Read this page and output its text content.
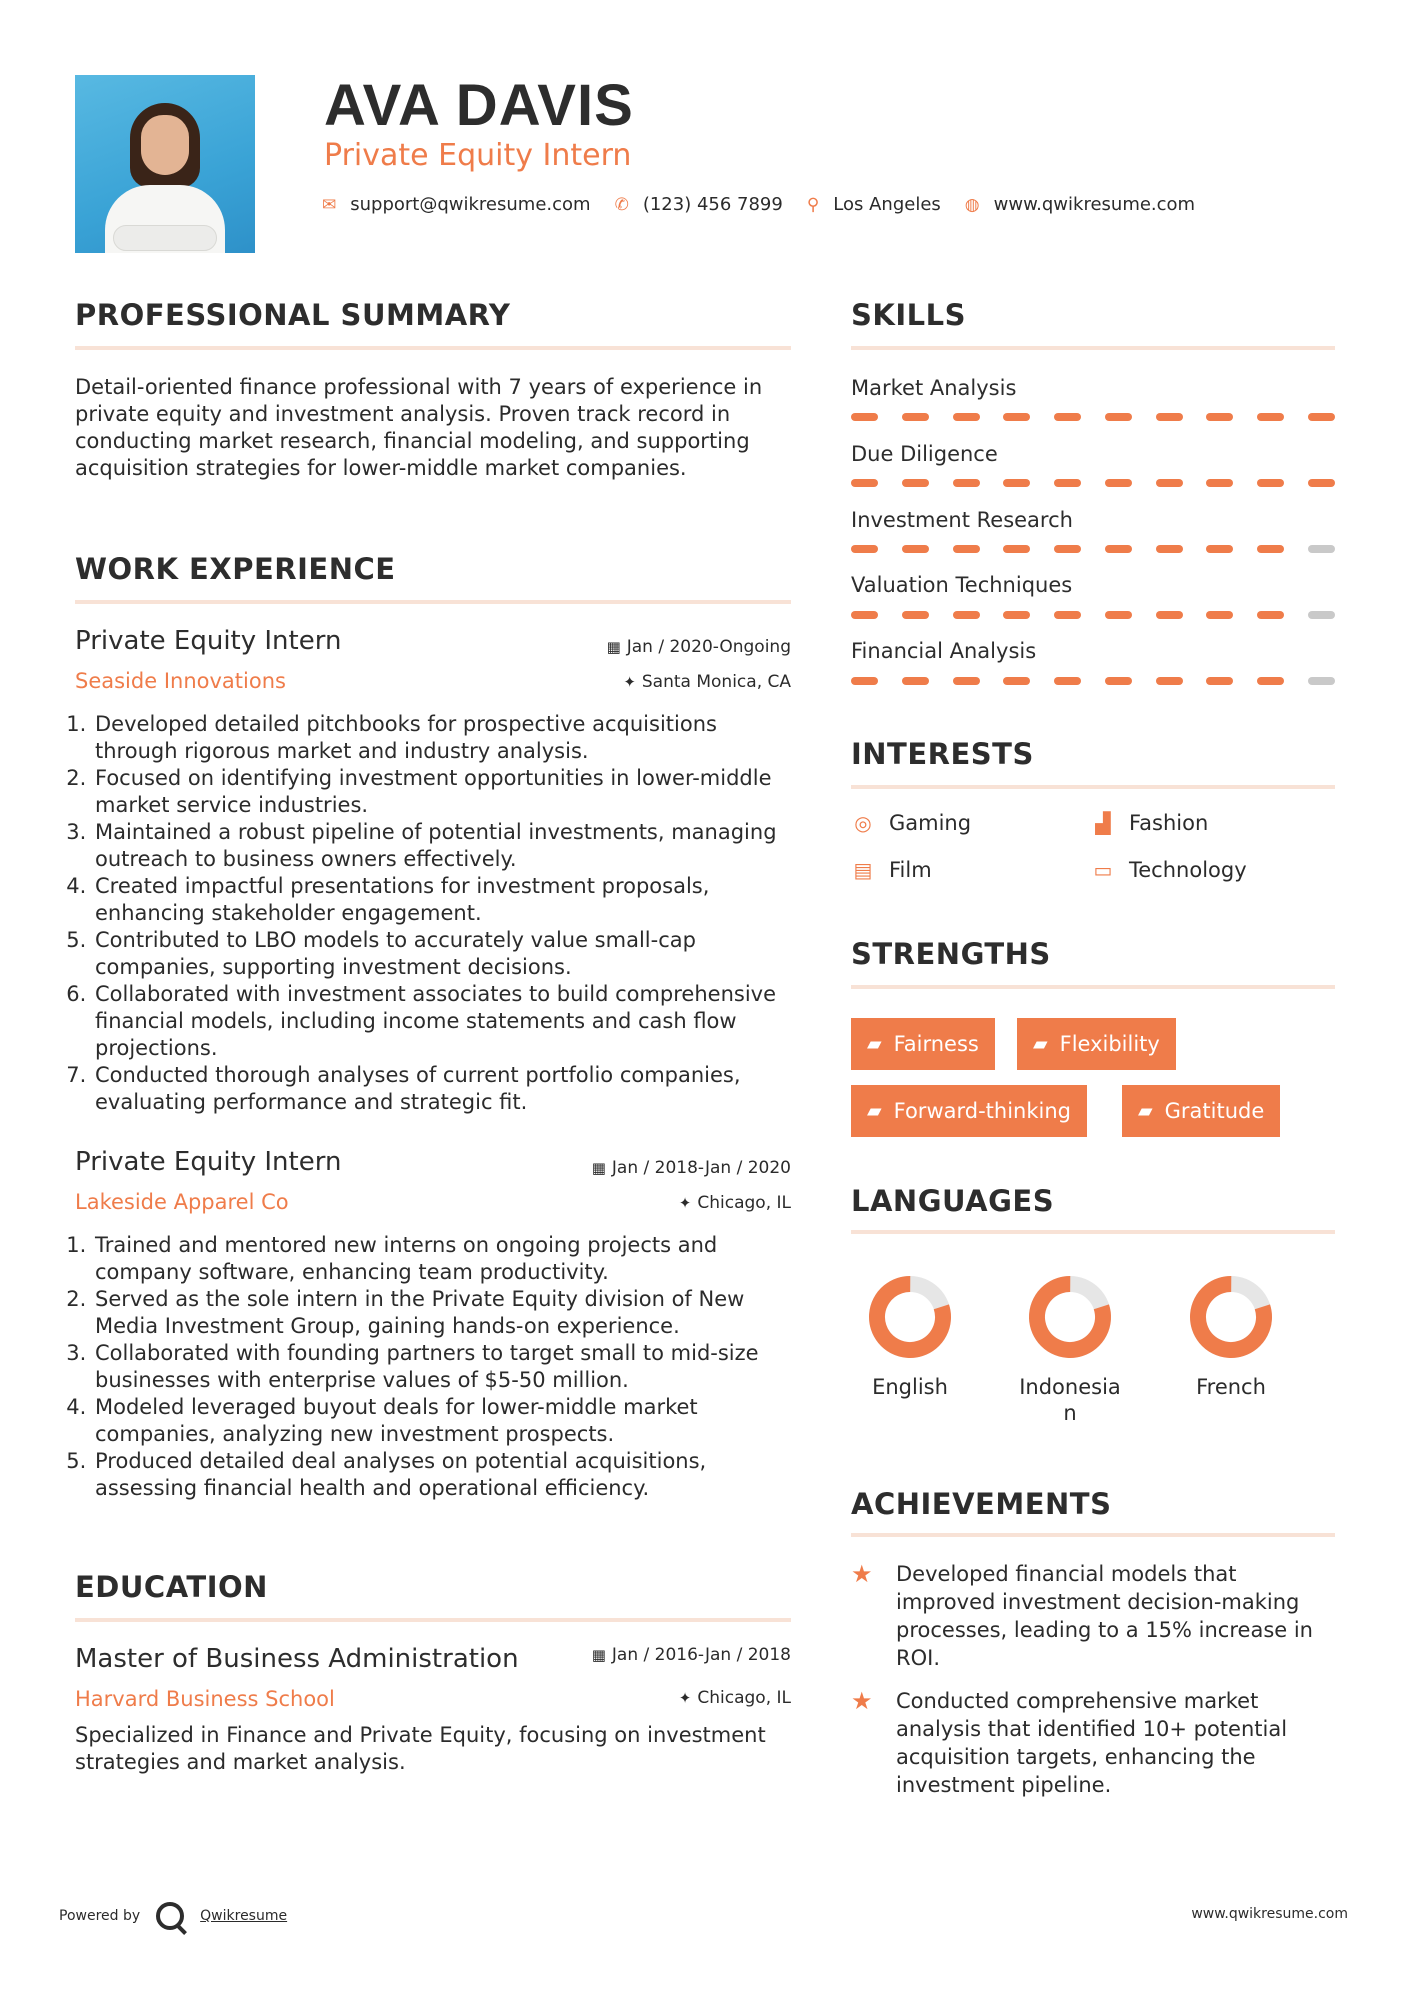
AVA DAVIS
Private Equity Intern
✉ support@qwikresume.com ✆ (123) 456 7899 ⚲ Los Angeles ◍ www.qwikresume.com
PROFESSIONAL SUMMARY
Detail-oriented finance professional with 7 years of experience in private equity and investment analysis. Proven track record in conducting market research, financial modeling, and supporting acquisition strategies for lower-middle market companies.
WORK EXPERIENCE
Private Equity Intern
Seaside Innovations
▦ Jan / 2020-Ongoing
✦ Santa Monica, CA
1. Developed detailed pitchbooks for prospective acquisitions through rigorous market and industry analysis.
2. Focused on identifying investment opportunities in lower-middle market service industries.
3. Maintained a robust pipeline of potential investments, managing outreach to business owners effectively.
4. Created impactful presentations for investment proposals, enhancing stakeholder engagement.
5. Contributed to LBO models to accurately value small-cap companies, supporting investment decisions.
6. Collaborated with investment associates to build comprehensive financial models, including income statements and cash flow projections.
7. Conducted thorough analyses of current portfolio companies, evaluating performance and strategic fit.
Private Equity Intern
Lakeside Apparel Co
▦ Jan / 2018-Jan / 2020
✦ Chicago, IL
1. Trained and mentored new interns on ongoing projects and company software, enhancing team productivity.
2. Served as the sole intern in the Private Equity division of New Media Investment Group, gaining hands-on experience.
3. Collaborated with founding partners to target small to mid-size businesses with enterprise values of $5-50 million.
4. Modeled leveraged buyout deals for lower-middle market companies, analyzing new investment prospects.
5. Produced detailed deal analyses on potential acquisitions, assessing financial health and operational efficiency.
EDUCATION
Master of Business Administration
Harvard Business School
▦ Jan / 2016-Jan / 2018
✦ Chicago, IL
Specialized in Finance and Private Equity, focusing on investment strategies and market analysis.
SKILLS
Market Analysis
Due Diligence
Investment Research
Valuation Techniques
Financial Analysis
INTERESTS
◎ Gaming	▟ Fashion
▤ Film	▭ Technology
STRENGTHS
▰ Fairness	▰ Flexibility
▰ Forward-thinking	▰ Gratitude
LANGUAGES
English	Indonesia
n
French
ACHIEVEMENTS
★	Developed financial models that improved investment decision-making processes, leading to a 15% increase in ROI.
★	Conducted comprehensive market analysis that identified 10+ potential acquisition targets, enhancing the investment pipeline.
Powered by	Qwikresume	www.qwikresume.com
